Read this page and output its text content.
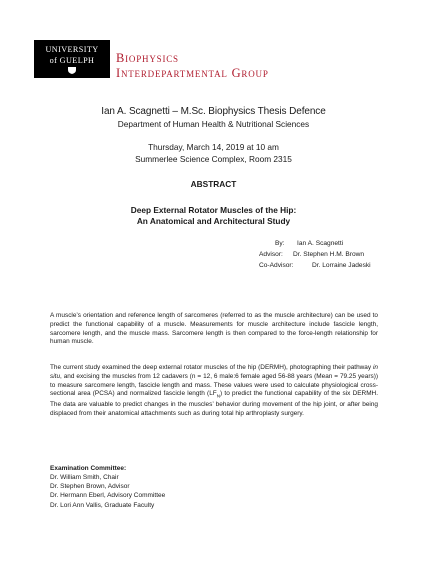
UNIVERSITY
of GUELPH	Biophysics
Interdepartmental Group
Ian A. Scagnetti – M.Sc. Biophysics Thesis Defence
Department of Human Health & Nutritional Sciences
Thursday, March 14, 2019 at 10 am
Summerlee Science Complex, Room 2315
ABSTRACT
Deep External Rotator Muscles of the Hip:
An Anatomical and Architectural Study
By: Ian A. Scagnetti
Advisor: Dr. Stephen H.M. Brown
Co-Advisor:	Dr. Lorraine Jadeski

A muscle’s orientation and reference length of sarcomeres (referred to as the muscle architecture) can be used to predict the functional capability of a muscle. Measurements for muscle architecture include fascicle length, sarcomere length, and the muscle mass. Sarcomere length is then compared to the force-length relationship for human muscle.

The current study examined the deep external rotator muscles of the hip (DERMH), photographing their pathway in situ, and excising the muscles from 12 cadavers (n = 12, 6 male:6 female aged 56-88 years (Mean = 79.25 years)) to measure sarcomere length, fascicle length and mass. These values were used to calculate physiological cross-sectional area (PCSA) and normalized fascicle length $(LF_N)$ to predict the functional capability of the six DERMH. The data are valuable to predict changes in the muscles’ behavior during movement of the hip joint, or after being displaced from their anatomical attachments such as during total hip arthroplasty surgery.

Examination Committee:
Dr. William Smith, Chair
Dr. Stephen Brown, Advisor
Dr. Hermann Eberl, Advisory Committee
Dr. Lori Ann Vallis, Graduate Faculty
